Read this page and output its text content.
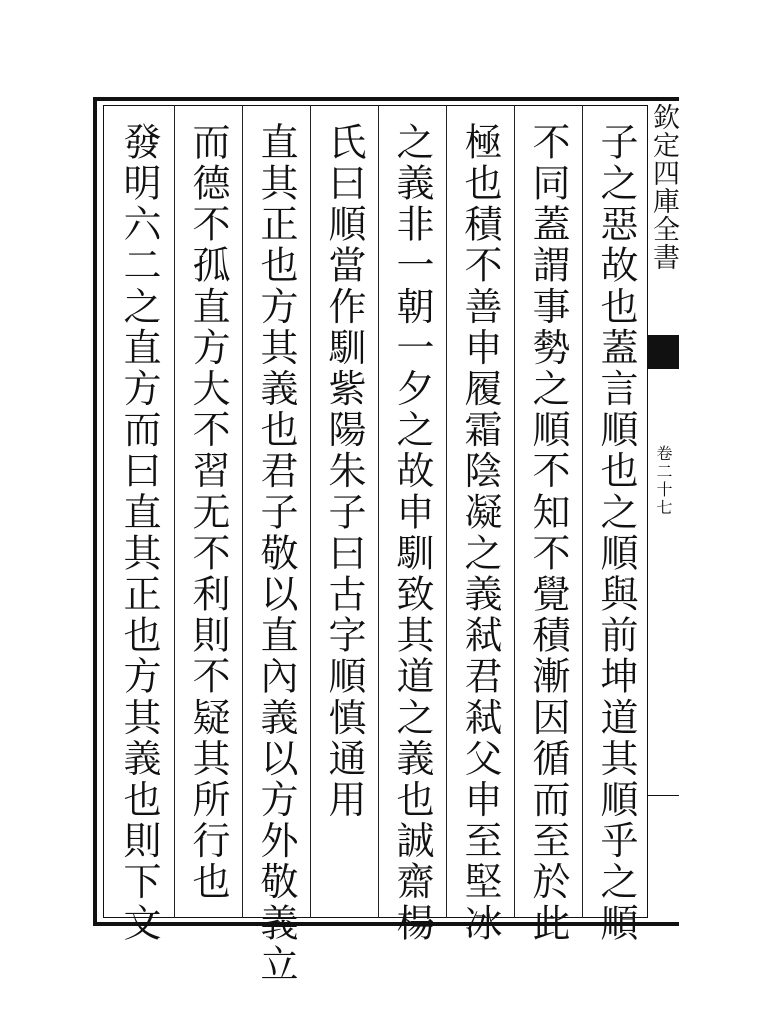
子之惡故也蓋言順也之順與前坤道其順乎之順
不同蓋謂事勢之順不知不覺積漸因循而至於此
極也積不善申履霜陰凝之義弒君弒父申至堅冰
之義非一朝一夕之故申馴致其道之義也誠齋楊
氏曰順當作馴紫陽朱子曰古字順慎通用
直其正也方其義也君子敬以直內義以方外敬義立
而德不孤直方大不習无不利則不疑其所行也
發明六二之直方而曰直其正也方其義也則下文	欽定四庫全書
卷二十七
